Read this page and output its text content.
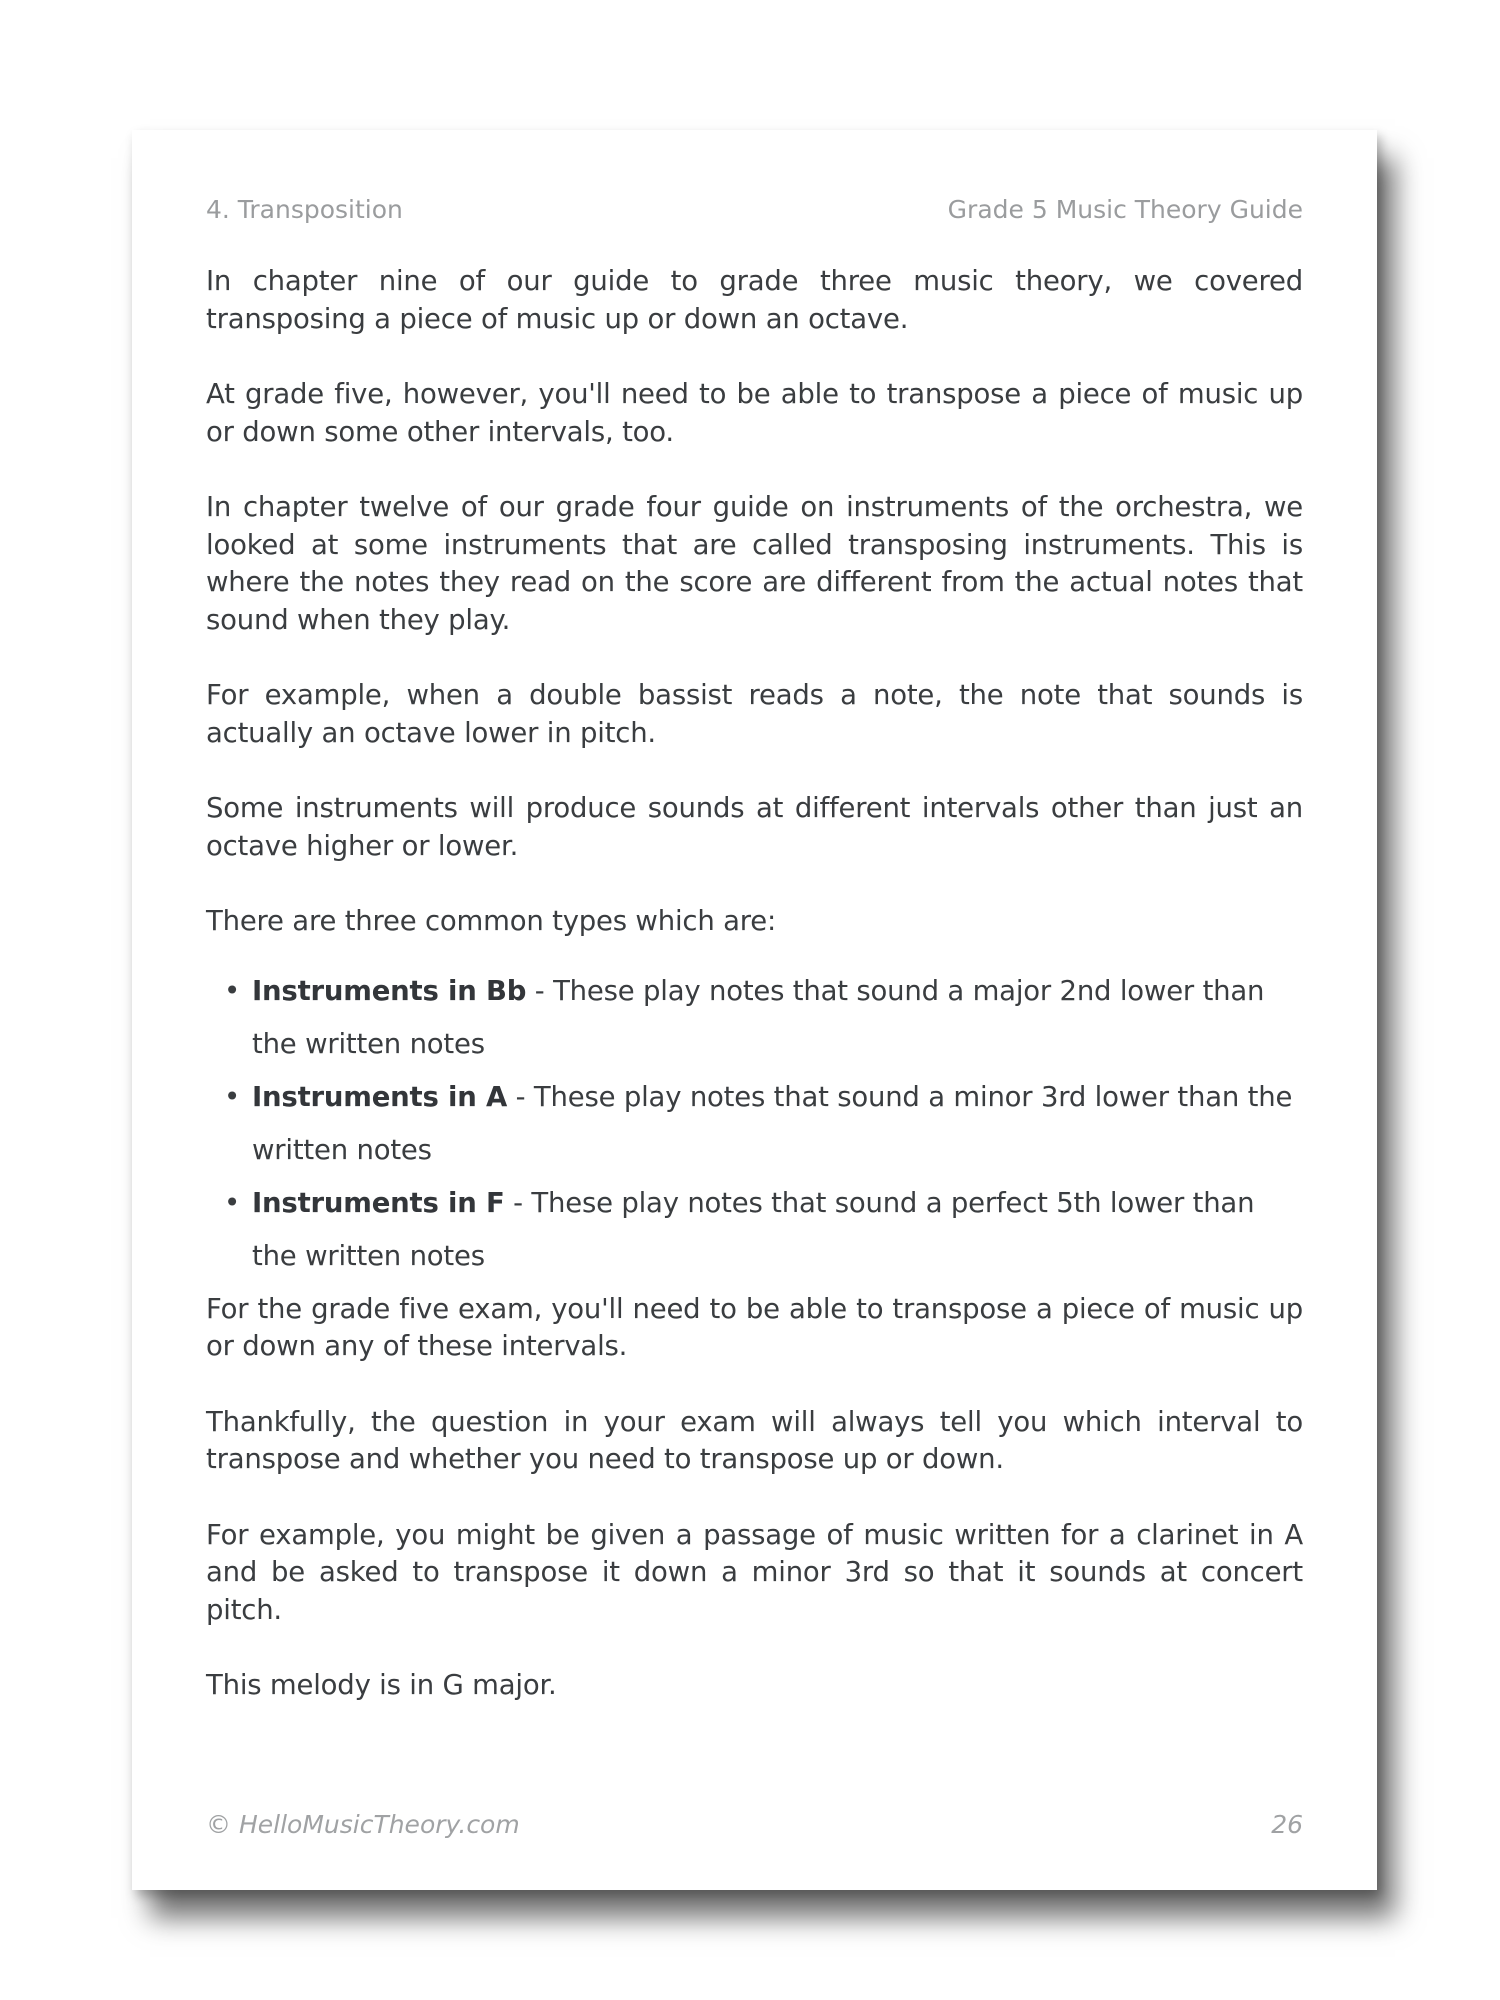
4. Transposition	Grade 5 Music Theory Guide

In chapter nine of our guide to grade three music theory, we covered transposing a piece of music up or down an octave.

At grade five, however, you'll need to be able to transpose a piece of music up or down some other intervals, too.

In chapter twelve of our grade four guide on instruments of the orchestra, we looked at some instruments that are called transposing instruments. This is where the notes they read on the score are different from the actual notes that sound when they play.

For example, when a double bassist reads a note, the note that sounds is actually an octave lower in pitch.

Some instruments will produce sounds at different intervals other than just an octave higher or lower.

There are three common types which are:

• Instruments in Bb - These play notes that sound a major 2nd lower than the written notes
• Instruments in A - These play notes that sound a minor 3rd lower than the written notes
• Instruments in F - These play notes that sound a perfect 5th lower than the written notes

For the grade five exam, you'll need to be able to transpose a piece of music up or down any of these intervals.

Thankfully, the question in your exam will always tell you which interval to transpose and whether you need to transpose up or down.

For example, you might be given a passage of music written for a clarinet in A and be asked to transpose it down a minor 3rd so that it sounds at concert pitch.

This melody is in G major.

© HelloMusicTheory.com	26
